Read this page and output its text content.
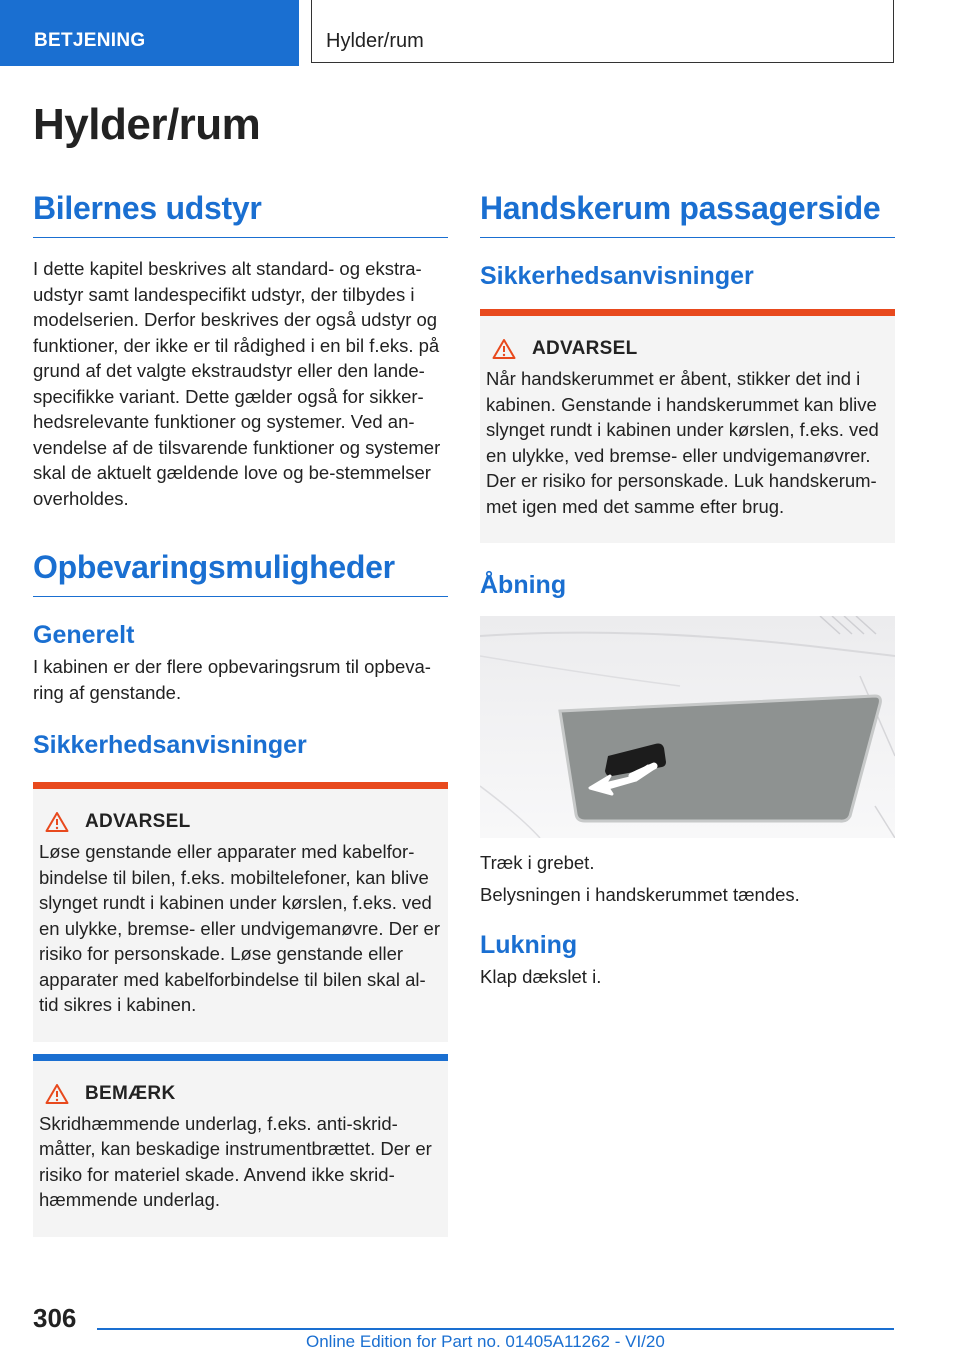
BETJENING	Hylder/rum
Hylder/rum
Bilernes udstyr

I dette kapitel beskrives alt standard- og ekstra-udstyr samt landespecifikt udstyr, der tilbydes i modelserien. Derfor beskrives der også udstyr og funktioner, der ikke er til rådighed i en bil f.eks. på grund af det valgte ekstraudstyr eller den lande-specifikke variant. Dette gælder også for sikker-hedsrelevante funktioner og systemer. Ved an-vendelse af de tilsvarende funktioner og systemer skal de aktuelt gældende love og be-stemmelser overholdes.

Opbevaringsmuligheder
Generelt

I kabinen er der flere opbevaringsrum til opbeva-ring af genstande.

Sikkerhedsanvisninger
ADVARSEL

Løse genstande eller apparater med kabelfor-bindelse til bilen, f.eks. mobiltelefoner, kan blive slynget rundt i kabinen under kørslen, f.eks. ved en ulykke, bremse- eller undvigemanøvre. Der er risiko for personskade. Løse genstande eller apparater med kabelforbindelse til bilen skal al-tid sikres i kabinen.

BEMÆRK

Skridhæmmende underlag, f.eks. anti-skrid-måtter, kan beskadige instrumentbrættet. Der er risiko for materiel skade. Anvend ikke skrid-hæmmende underlag.

Handskerum passagerside
Sikkerhedsanvisninger
ADVARSEL

Når handskerummet er åbent, stikker det ind i kabinen. Genstande i handskerummet kan blive slynget rundt i kabinen under kørslen, f.eks. ved en ulykke, ved bremse- eller undvigemanøvrer. Der er risiko for personskade. Luk handskerum-met igen med det samme efter brug.

Åbning

Træk i grebet.

Belysningen i handskerummet tændes.

Lukning

Klap dækslet i.

306
Online Edition for Part no. 01405A11262 - VI/20
